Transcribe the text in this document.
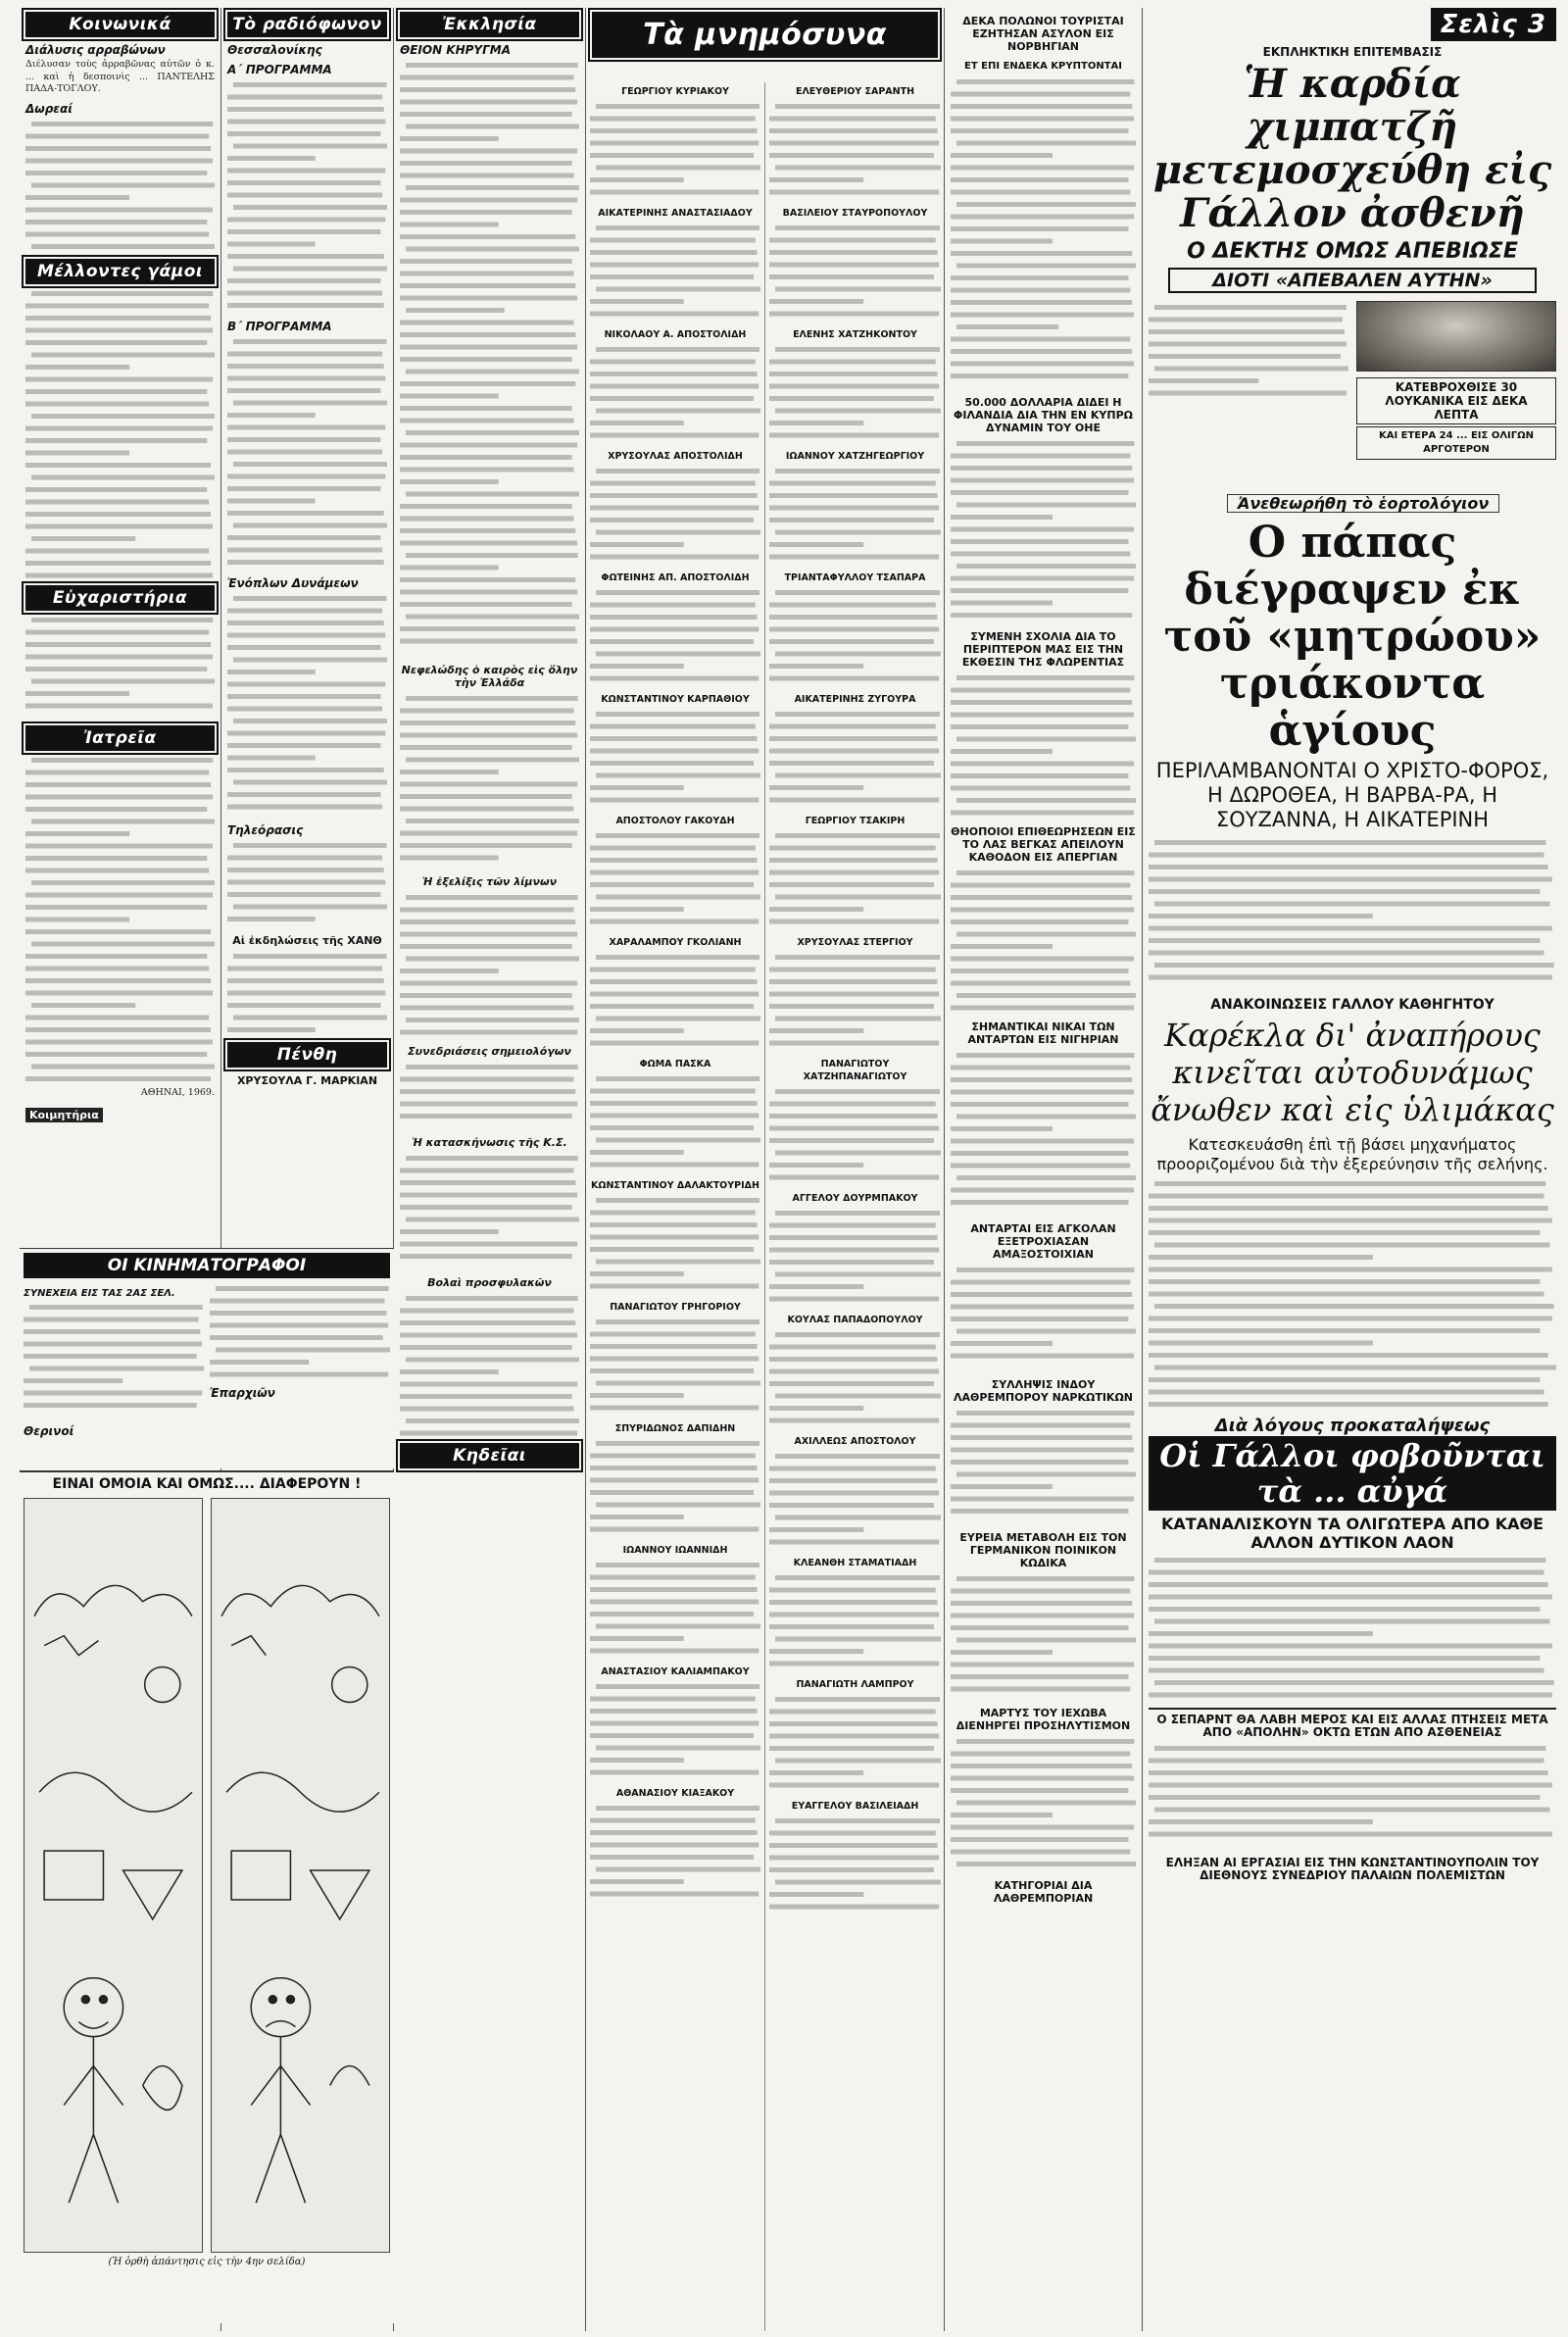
Κοινωνικά
Διάλυσις αρραβώνων

Διέλυσαν τοὺς ἀρραβῶνας αὐτῶν ὁ κ. ... καὶ ἡ δεσποινὶς ... ΠΑΝΤΕΛΗΣ ΠΑΔΑ-ΤΟΓΛΟΥ.

Δωρεαί
Μέλλοντες γάμοι
Εὐχαριστήρια
Ἰατρεῖα

ΑΘΗΝΑΙ, 1969.

Κοιμητήρια
Τὸ ραδιόφωνον
Θεσσαλονίκης
Α΄ ΠΡΟΓΡΑΜΜΑ
Β΄ ΠΡΟΓΡΑΜΜΑ
Ἐνόπλων Δυνάμεων
Τηλεόρασις
Αἱ ἐκδηλώσεις τῆς ΧΑΝΘ
Πένθη
ΧΡΥΣΟΥΛΑ Γ. ΜΑΡΚΙΑΝ
Ἐκκλησία
ΘΕΙΟΝ ΚΗΡΥΓΜΑ
Νεφελώδης ὁ καιρὸς εἰς ὅλην τὴν Ἑλλάδα
Ἡ ἐξελίξις τῶν λίμνων
Συνεδριάσεις σημειολόγων
Ἡ κατασκήνωσις τῆς Κ.Σ.
Βολαὶ προσφυλακῶν
Κηδεῖαι
Τὰ μνημόσυνα
ΓΕΩΡΓΙΟΥ ΚΥΡΙΑΚΟΥ
ΑΙΚΑΤΕΡΙΝΗΣ ΑΝΑΣΤΑΣΙΑΔΟΥ
ΝΙΚΟΛΑΟΥ Α. ΑΠΟΣΤΟΛΙΔΗ
ΧΡΥΣΟΥΛΑΣ ΑΠΟΣΤΟΛΙΔΗ
ΦΩΤΕΙΝΗΣ ΑΠ. ΑΠΟΣΤΟΛΙΔΗ
ΚΩΝΣΤΑΝΤΙΝΟΥ ΚΑΡΠΑΘΙΟΥ
ΑΠΟΣΤΟΛΟΥ ΓΑΚΟΥΔΗ
ΧΑΡΑΛΑΜΠΟΥ ΓΚΟΛΙΑΝΗ
ΦΩΜΑ ΠΑΣΚΑ
ΚΩΝΣΤΑΝΤΙΝΟΥ ΔΑΛΑΚΤΟΥΡΙΔΗ
ΠΑΝΑΓΙΩΤΟΥ ΓΡΗΓΟΡΙΟΥ
ΣΠΥΡΙΔΩΝΟΣ ΔΑΠΙΔΗΝ
ΙΩΑΝΝΟΥ ΙΩΑΝΝΙΔΗ
ΑΝΑΣΤΑΣΙΟΥ ΚΑΛΙΑΜΠΑΚΟΥ
ΑΘΑΝΑΣΙΟΥ ΚΙΑΞΑΚΟΥ
ΕΛΕΥΘΕΡΙΟΥ ΣΑΡΑΝΤΗ
ΒΑΣΙΛΕΙΟΥ ΣΤΑΥΡΟΠΟΥΛΟΥ
ΕΛΕΝΗΣ ΧΑΤΖΗΚΟΝΤΟΥ
ΙΩΑΝΝΟΥ ΧΑΤΖΗΓΕΩΡΓΙΟΥ
ΤΡΙΑΝΤΑΦΥΛΛΟΥ ΤΣΑΠΑΡΑ
ΑΙΚΑΤΕΡΙΝΗΣ ΖΥΓΟΥΡΑ
ΓΕΩΡΓΙΟΥ ΤΣΑΚΙΡΗ
ΧΡΥΣΟΥΛΑΣ ΣΤΕΡΓΙΟΥ
ΠΑΝΑΓΙΩΤΟΥ ΧΑΤΖΗΠΑΝΑΓΙΩΤΟΥ
ΑΓΓΕΛΟΥ ΔΟΥΡΜΠΑΚΟΥ
ΚΟΥΛΑΣ ΠΑΠΑΔΟΠΟΥΛΟΥ
ΑΧΙΛΛΕΩΣ ΑΠΟΣΤΟΛΟΥ
ΚΛΕΑΝΘΗ ΣΤΑΜΑΤΙΑΔΗ
ΠΑΝΑΓΙΩΤΗ ΛΑΜΠΡΟΥ
ΕΥΑΓΓΕΛΟΥ ΒΑΣΙΛΕΙΑΔΗ
ΔΕΚΑ ΠΟΛΩΝΟΙ ΤΟΥΡΙΣΤΑΙ ΕΖΗΤΗΣΑΝ ΑΣΥΛΟΝ ΕΙΣ ΝΟΡΒΗΓΙΑΝ
ΕΤ ΕΠΙ ΕΝΔΕΚΑ ΚΡΥΠΤΟΝΤΑΙ
50.000 ΔΟΛΛΑΡΙΑ ΔΙΔΕΙ Η ΦΙΛΑΝΔΙΑ ΔΙΑ ΤΗΝ ΕΝ ΚΥΠΡΩ ΔΥΝΑΜΙΝ ΤΟΥ ΟΗΕ
ΣΥΜΕΝΗ ΣΧΟΛΙΑ ΔΙΑ ΤΟ ΠΕΡΙΠΤΕΡΟΝ ΜΑΣ ΕΙΣ ΤΗΝ ΕΚΘΕΣΙΝ ΤΗΣ ΦΛΩΡΕΝΤΙΑΣ
ΘΗΟΠΟΙΟΙ ΕΠΙΘΕΩΡΗΣΕΩΝ ΕΙΣ ΤΟ ΛΑΣ ΒΕΓΚΑΣ ΑΠΕΙΛΟΥΝ ΚΑΘΟΔΟΝ ΕΙΣ ΑΠΕΡΓΙΑΝ
ΣΗΜΑΝΤΙΚΑΙ ΝΙΚΑΙ ΤΩΝ ΑΝΤΑΡΤΩΝ ΕΙΣ ΝΙΓΗΡΙΑΝ
ΑΝΤΑΡΤΑΙ ΕΙΣ ΑΓΚΟΛΑΝ ΕΞΕΤΡΟΧΙΑΣΑΝ ΑΜΑΞΟΣΤΟΙΧΙΑΝ
ΣΥΛΛΗΨΙΣ ΙΝΔΟΥ ΛΑΘΡΕΜΠΟΡΟΥ ΝΑΡΚΩΤΙΚΩΝ
ΕΥΡΕΙΑ ΜΕΤΑΒΟΛΗ ΕΙΣ ΤΟΝ ΓΕΡΜΑΝΙΚΟΝ ΠΟΙΝΙΚΟΝ ΚΩΔΙΚΑ
ΜΑΡΤΥΣ ΤΟΥ ΙΕΧΩΒΑ ΔΙΕΝΗΡΓΕΙ ΠΡΟΣΗΛΥΤΙΣΜΟΝ
ΚΑΤΗΓΟΡΙΑΙ ΔΙΑ ΛΑΘΡΕΜΠΟΡΙΑΝ
Σελὶς 3
ΕΚΠΛΗΚΤΙΚΗ ΕΠΙΤΕΜΒΑΣΙΣ
Ἡ καρδία χιμπατζῆ μετεμοσχεύθη εἰς Γάλλον ἀσθενῆ
Ο ΔΕΚΤΗΣ ΟΜΩΣ ΑΠΕΒΙΩΣΕ
ΔΙΟΤΙ «ΑΠΕΒΑΛΕΝ ΑΥΤΗΝ»
ΚΑΤΕΒΡΟΧΘΙΣΕ 30 ΛΟΥΚΑΝΙΚΑ ΕΙΣ ΔΕΚΑ ΛΕΠΤΑ
ΚΑΙ ΕΤΕΡΑ 24 ... ΕΙΣ ΟΛΙΓΩΝ ΑΡΓΟΤΕΡΟΝ
Ἀνεθεωρήθη τὸ ἑορτολόγιον
Ο πάπας διέγραψεν ἐκ τοῦ «μητρώου» τριάκοντα ἁγίους
ΠΕΡΙΛΑΜΒΑΝΟΝΤΑΙ Ο ΧΡΙΣΤΟ-ΦΟΡΟΣ, Η ΔΩΡΟΘΕΑ, Η ΒΑΡΒΑ-ΡΑ, Η ΣΟΥΖΑΝΝΑ, Η ΑΙΚΑΤΕΡΙΝΗ
ΑΝΑΚΟΙΝΩΣΕΙΣ ΓΑΛΛΟΥ ΚΑΘΗΓΗΤΟΥ
Καρέκλα δι' ἀναπήρους κινεῖται αὐτοδυνάμως ἄνωθεν καὶ εἰς ὑλιμάκας
Κατεσκευάσθη ἐπὶ τῇ βάσει μηχανήματος προοριζομένου διὰ τὴν ἐξερεύνησιν τῆς σελήνης.
Διὰ λόγους προκαταλήψεως
Οἱ Γάλλοι φοβοῦνται τὰ ... αὐγά
ΚΑΤΑΝΑΛΙΣΚΟΥΝ ΤΑ ΟΛΙΓΩΤΕΡΑ ΑΠΟ ΚΑΘΕ ΑΛΛΟΝ ΔΥΤΙΚΟΝ ΛΑΟΝ
Ο ΣΕΠΑΡΝΤ ΘΑ ΛΑΒΗ ΜΕΡΟΣ ΚΑΙ ΕΙΣ ΑΛΛΑΣ ΠΤΗΣΕΙΣ ΜΕΤΑ ΑΠΟ «ΑΠΟΛΗΝ» ΟΚΤΩ ΕΤΩΝ ΑΠΟ ΑΣΘΕΝΕΙΑΣ
ΕΛΗΞΑΝ ΑΙ ΕΡΓΑΣΙΑΙ ΕΙΣ ΤΗΝ ΚΩΝΣΤΑΝΤΙΝΟΥΠΟΛΙΝ ΤΟΥ ΔΙΕΘΝΟΥΣ ΣΥΝΕΔΡΙΟΥ ΠΑΛΑΙΩΝ ΠΟΛΕΜΙΣΤΩΝ
ΟΙ ΚΙΝΗΜΑΤΟΓΡΑΦΟΙ
ΣΥΝΕΧΕΙΑ ΕΙΣ ΤΑΣ 2ΑΣ ΣΕΛ.
Θερινοί
Ἐπαρχιῶν
ΕΙΝΑΙ ΟΜΟΙΑ ΚΑΙ ΟΜΩΣ.... ΔΙΑΦΕΡΟΥΝ !
(Ἡ ὀρθὴ ἀπάντησις εἰς τὴν 4ην σελίδα)
